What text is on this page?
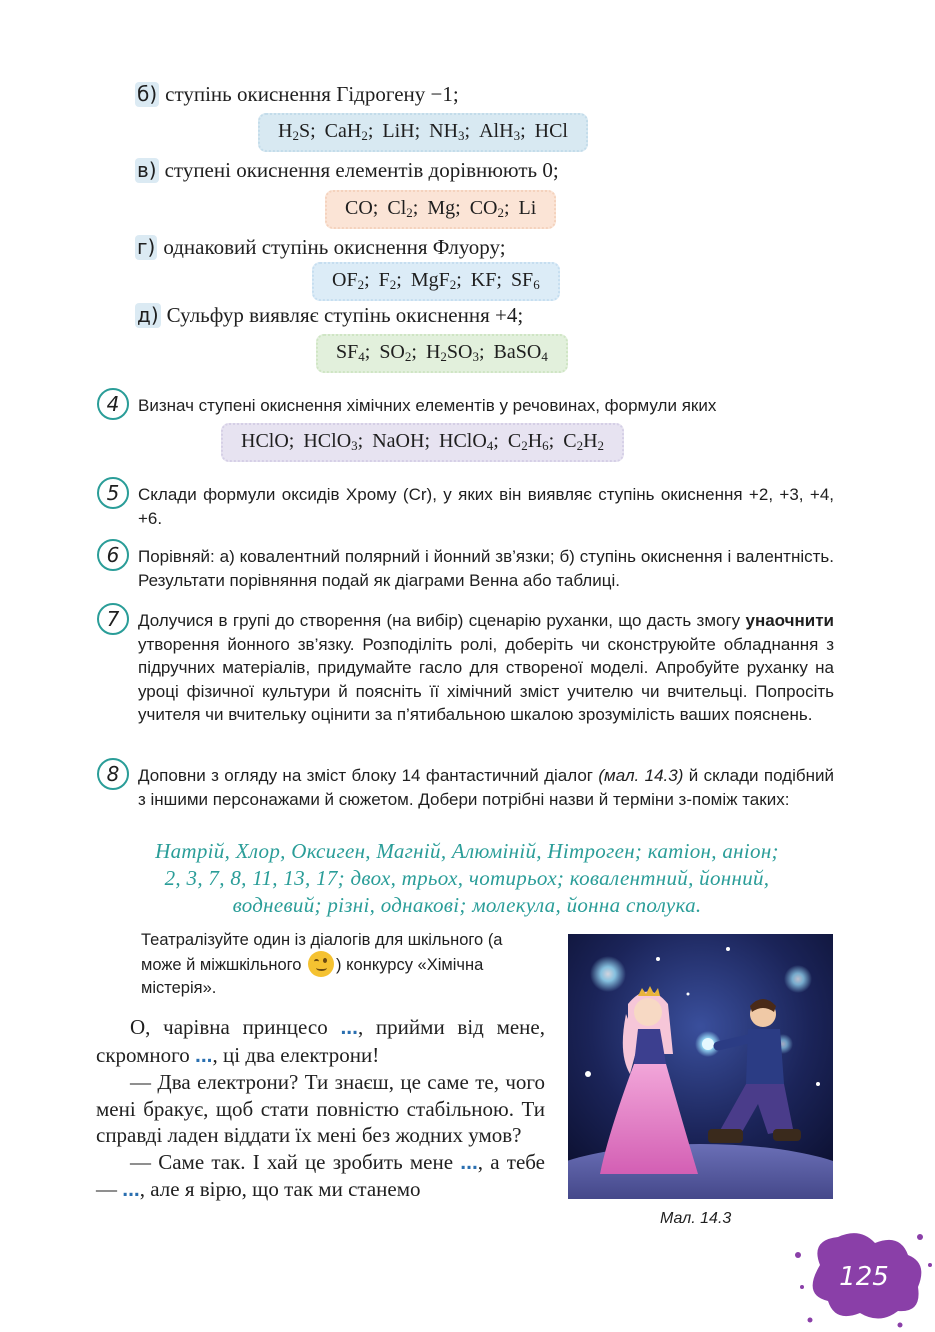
б) ступінь окиснення Гідрогену −1;
$H_2S$; CaH$_2$; LiH; $NH_3$; AlH$_3$; HCl
в) ступені окиснення елементів дорівнюють 0;
CO; $Cl_2$; Mg; $CO_2$; Li
г) однаковий ступінь окиснення Флуору;
$OF_2$; $F_2$; MgF$_2$; KF; $SF_6$
д) Сульфур виявляє ступінь окиснення +4;
$SF_4$; $SO_2$; $H_2SO_3$; BaSO$_4$
4	Визнач ступені окиснення хімічних елементів у речовинах, формули яких
HClO; HClO$_3$; NaOH; HClO$_4$; $C_2H_6$; $C_2H_2$
5	Склади формули оксидів Хрому (Cr), у яких він виявляє ступінь окиснення +2, +3, +4, +6.
6	Порівняй: а) ковалентний полярний і йонний зв’язки; б) ступінь окиснення і валентність. Результати порівняння подай як діаграми Венна або таблиці.
7	Долучися в групі до створення (на вибір) сценарію руханки, що дасть змогу унаочнити утворення йонного зв’язку. Розподіліть ролі, доберіть чи сконструюйте обладнання з підручних матеріалів, придумайте гасло для створеної моделі. Апробуйте руханку на уроці фізичної культури й поясніть її хімічний зміст учителю чи вчительці. Попросіть учителя чи вчительку оцінити за п’ятибальною шкалою зрозумілість ваших пояснень.
8	Доповни з огляду на зміст блоку 14 фантастичний діалог (мал. 14.3) й склади подібний з іншими персонажами й сюжетом. Добери потрібні назви й терміни з-поміж таких:
Натрій, Хлор, Оксиген, Магній, Алюміній, Нітроген; катіон, аніон;
2, 3, 7, 8, 11, 13, 17; двох, трьох, чотирьох; ковалентний, йонний,
водневий; різні, однакові; молекула, йонна сполука.
Театралізуйте один із діалогів для шкільного (а може й міжшкільного ) конкурсу «Хімічна містерія».
О, чарівна принцесо ..., прийми від мене, скромного ..., ці два електрони!
— Два електрони? Ти знаєш, це саме те, чого мені бракує, щоб стати повністю стабільною. Ти справді ладен віддати їх мені без жодних умов?
— Саме так. І хай це зробить мене ..., а тебе — ..., але я вірю, що так ми станемо
Мал. 14.3
125
